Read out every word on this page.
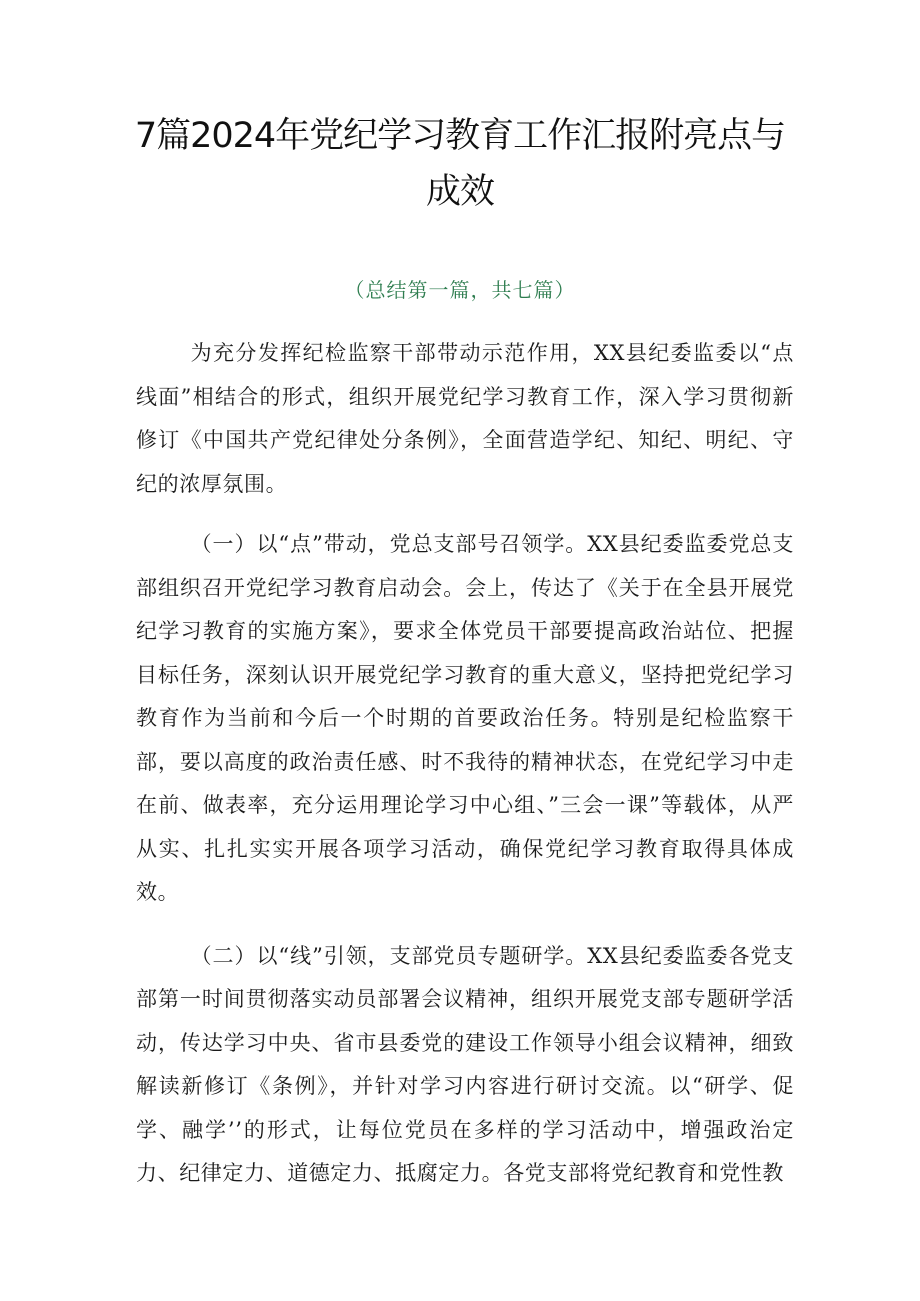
7篇2024年党纪学习教育工作汇报附亮点与成效

（总结第一篇，共七篇）

为充分发挥纪检监察干部带动示范作用，XX县纪委监委以“点线面”相结合的形式，组织开展党纪学习教育工作，深入学习贯彻新修订《中国共产党纪律处分条例》，全面营造学纪、知纪、明纪、守纪的浓厚氛围。

（一）以“点”带动，党总支部号召领学。XX县纪委监委党总支部组织召开党纪学习教育启动会。会上，传达了《关于在全县开展党纪学习教育的实施方案》，要求全体党员干部要提高政治站位、把握目标任务，深刻认识开展党纪学习教育的重大意义，坚持把党纪学习教育作为当前和今后一个时期的首要政治任务。特别是纪检监察干部，要以高度的政治责任感、时不我待的精神状态，在党纪学习中走在前、做表率，充分运用理论学习中心组、”三会一课”等载体，从严从实、扎扎实实开展各项学习活动，确保党纪学习教育取得具体成效。

（二）以“线”引领，支部党员专题研学。XX县纪委监委各党支部第一时间贯彻落实动员部署会议精神，组织开展党支部专题研学活动，传达学习中央、省市县委党的建设工作领导小组会议精神，细致解读新修订《条例》，并针对学习内容进行研讨交流。以“研学、促学、融学’’的形式，让每位党员在多样的学习活动中，增强政治定力、纪律定力、道德定力、抵腐定力。各党支部将党纪教育和党性教
